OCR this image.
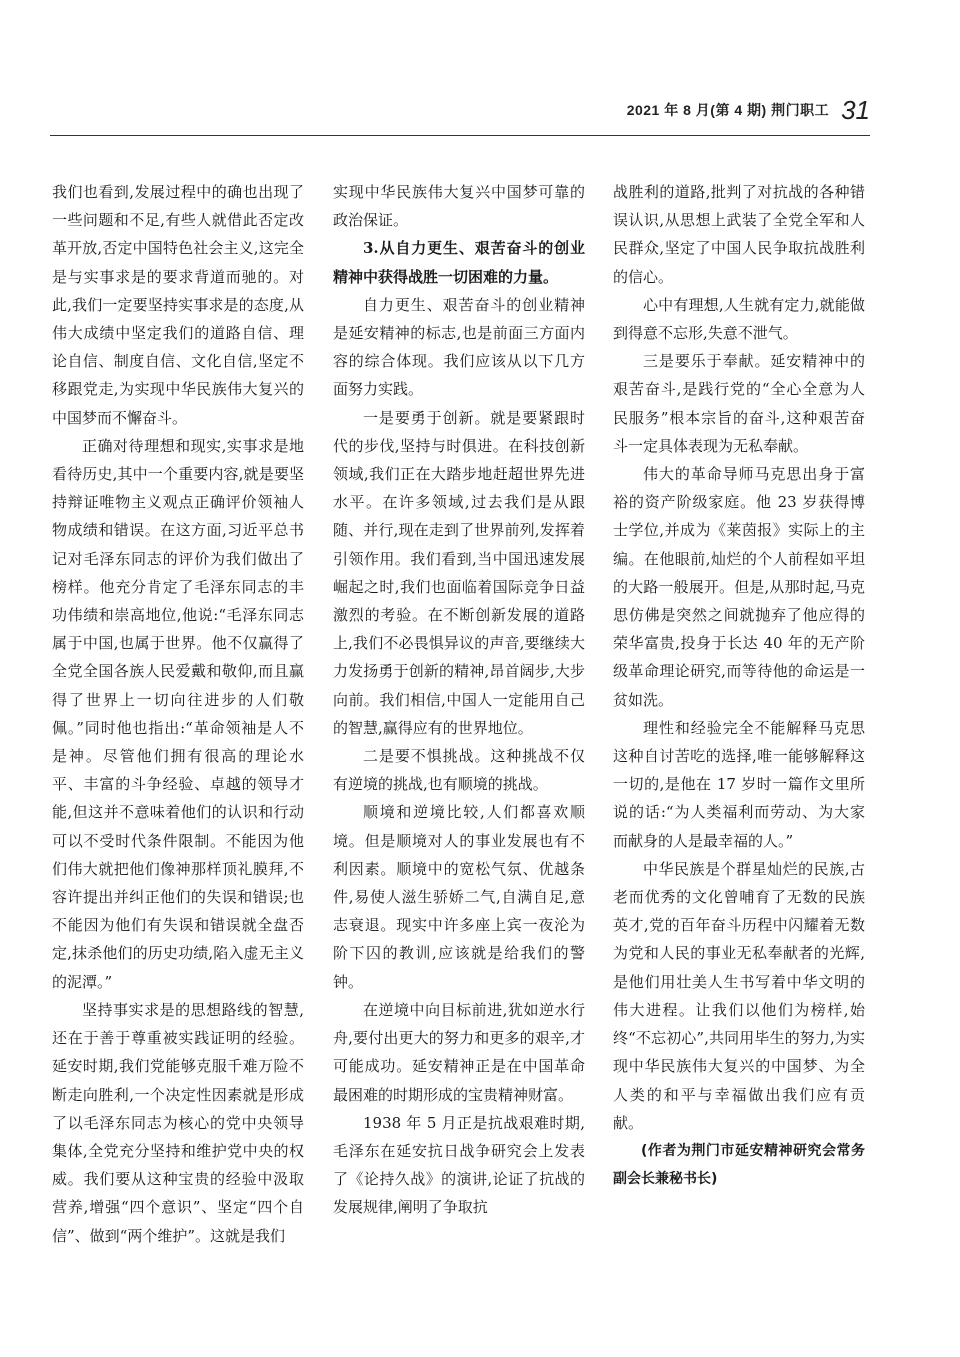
2021 年 8 月(第 4 期) 荆门职工 31

我们也看到,发展过程中的确也出现了一些问题和不足,有些人就借此否定改革开放,否定中国特色社会主义,这完全是与实事求是的要求背道而驰的。对此,我们一定要坚持实事求是的态度,从伟大成绩中坚定我们的道路自信、理论自信、制度自信、文化自信,坚定不移跟党走,为实现中华民族伟大复兴的中国梦而不懈奋斗。

正确对待理想和现实,实事求是地看待历史,其中一个重要内容,就是要坚持辩证唯物主义观点正确评价领袖人物成绩和错误。在这方面,习近平总书记对毛泽东同志的评价为我们做出了榜样。他充分肯定了毛泽东同志的丰功伟绩和崇高地位,他说:“毛泽东同志属于中国,也属于世界。他不仅赢得了全党全国各族人民爱戴和敬仰,而且赢得了世界上一切向往进步的人们敬佩。”同时他也指出:“革命领袖是人不是神。尽管他们拥有很高的理论水平、丰富的斗争经验、卓越的领导才能,但这并不意味着他们的认识和行动可以不受时代条件限制。不能因为他们伟大就把他们像神那样顶礼膜拜,不容许提出并纠正他们的失误和错误;也不能因为他们有失误和错误就全盘否定,抹杀他们的历史功绩,陷入虚无主义的泥潭。”

坚持事实求是的思想路线的智慧,还在于善于尊重被实践证明的经验。延安时期,我们党能够克服千难万险不断走向胜利,一个决定性因素就是形成了以毛泽东同志为核心的党中央领导集体,全党充分坚持和维护党中央的权威。我们要从这种宝贵的经验中汲取营养,增强“四个意识”、坚定“四个自信”、做到“两个维护”。这就是我们

实现中华民族伟大复兴中国梦可靠的政治保证。

3.从自力更生、艰苦奋斗的创业精神中获得战胜一切困难的力量。

自力更生、艰苦奋斗的创业精神是延安精神的标志,也是前面三方面内容的综合体现。我们应该从以下几方面努力实践。

一是要勇于创新。就是要紧跟时代的步伐,坚持与时俱进。在科技创新领域,我们正在大踏步地赶超世界先进水平。在许多领域,过去我们是从跟随、并行,现在走到了世界前列,发挥着引领作用。我们看到,当中国迅速发展崛起之时,我们也面临着国际竞争日益激烈的考验。在不断创新发展的道路上,我们不必畏惧异议的声音,要继续大力发扬勇于创新的精神,昂首阔步,大步向前。我们相信,中国人一定能用自己的智慧,赢得应有的世界地位。

二是要不惧挑战。这种挑战不仅有逆境的挑战,也有顺境的挑战。

顺境和逆境比较,人们都喜欢顺境。但是顺境对人的事业发展也有不利因素。顺境中的宽松气氛、优越条件,易使人滋生骄娇二气,自满自足,意志衰退。现实中许多座上宾一夜沦为阶下囚的教训,应该就是给我们的警钟。

在逆境中向目标前进,犹如逆水行舟,要付出更大的努力和更多的艰辛,才可能成功。延安精神正是在中国革命最困难的时期形成的宝贵精神财富。

1938 年 5 月正是抗战艰难时期,毛泽东在延安抗日战争研究会上发表了《论持久战》的演讲,论证了抗战的发展规律,阐明了争取抗

战胜利的道路,批判了对抗战的各种错误认识,从思想上武装了全党全军和人民群众,坚定了中国人民争取抗战胜利的信心。

心中有理想,人生就有定力,就能做到得意不忘形,失意不泄气。

三是要乐于奉献。延安精神中的艰苦奋斗,是践行党的“全心全意为人民服务”根本宗旨的奋斗,这种艰苦奋斗一定具体表现为无私奉献。

伟大的革命导师马克思出身于富裕的资产阶级家庭。他 23 岁获得博士学位,并成为《莱茵报》实际上的主编。在他眼前,灿烂的个人前程如平坦的大路一般展开。但是,从那时起,马克思仿佛是突然之间就抛弃了他应得的荣华富贵,投身于长达 40 年的无产阶级革命理论研究,而等待他的命运是一贫如洗。

理性和经验完全不能解释马克思这种自讨苦吃的选择,唯一能够解释这一切的,是他在 17 岁时一篇作文里所说的话:“为人类福利而劳动、为大家而献身的人是最幸福的人。”

中华民族是个群星灿烂的民族,古老而优秀的文化曾哺育了无数的民族英才,党的百年奋斗历程中闪耀着无数为党和人民的事业无私奉献者的光辉,是他们用壮美人生书写着中华文明的伟大进程。让我们以他们为榜样,始终“不忘初心”,共同用毕生的努力,为实现中华民族伟大复兴的中国梦、为全人类的和平与幸福做出我们应有贡献。

(作者为荆门市延安精神研究会常务副会长兼秘书长)
